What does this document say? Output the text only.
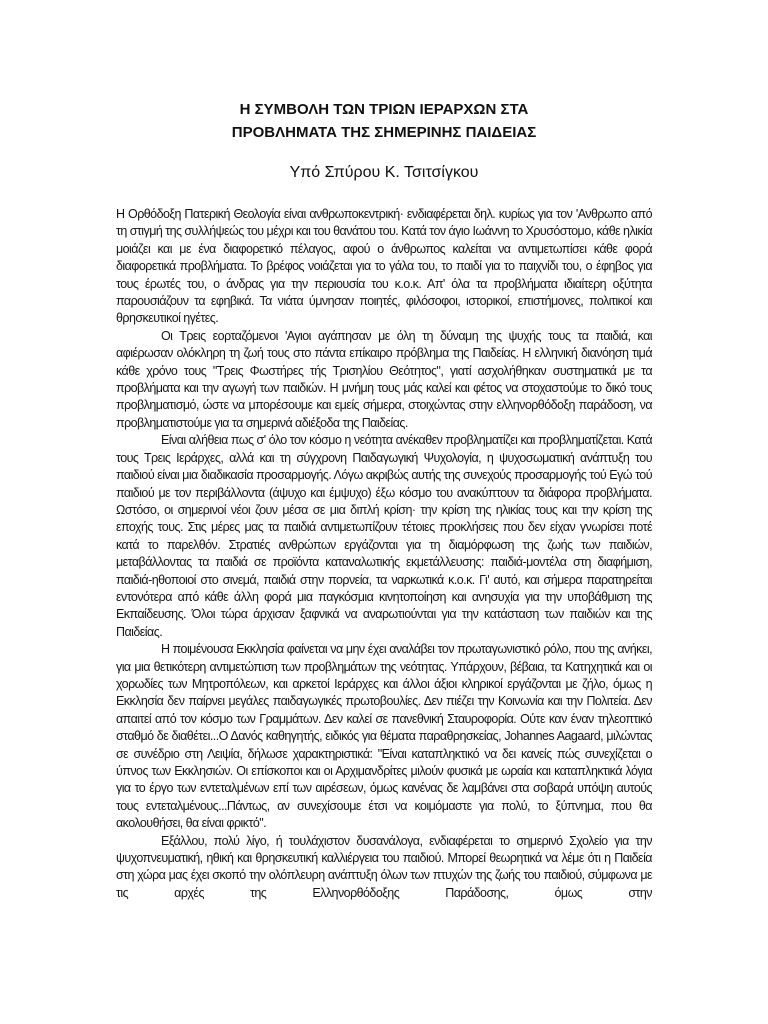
Η ΣΥΜΒΟΛΗ ΤΩΝ ΤΡΙΩΝ ΙΕΡΑΡΧΩΝ ΣΤΑ
ΠΡΟΒΛΗΜΑΤΑ ΤΗΣ ΣΗΜΕΡΙΝΗΣ ΠΑΙΔΕΙΑΣ
Υπό Σπύρου Κ. Τσιτσίγκου

Η Ορθόδοξη Πατερική Θεολογία είναι ανθρωποκεντρική· ενδιαφέρεται δηλ. κυρίως για τον 'Ανθρωπο από τη στιγμή της συλλήψεώς του μέχρι και του θανάτου του. Κατά τον άγιο Ιωάννη το Χρυσόστομο, κάθε ηλικία μοιάζει και με ένα διαφορετικό πέλαγος, αφού ο άνθρωπος καλείται να αντιμετωπίσει κάθε φορά διαφορετικά προβλήματα. Το βρέφος νοιάζεται για το γάλα του, το παιδί για το παιχνίδι του, ο έφηβος για τους έρωτές του, ο άνδρας για την περιουσία του κ.ο.κ. Απ' όλα τα προβλήματα ιδιαίτερη οξύτητα παρουσιάζουν τα εφηβικά. Τα νιάτα ύμνησαν ποιητές, φιλόσοφοι, ιστορικοί, επιστήμονες, πολιτικοί και θρησκευτικοί ηγέτες.

Οι Τρεις εορταζόμενοι 'Αγιοι αγάπησαν με όλη τη δύναμη της ψυχής τους τα παιδιά, και αφιέρωσαν ολόκληρη τη ζωή τους στο πάντα επίκαιρο πρόβλημα της Παιδείας. Η ελληνική διανόηση τιμά κάθε χρόνο τους "Τρεις Φωστήρες τής Τρισηλίου Θεότητος", γιατί ασχολήθηκαν συστηματικά με τα προβλήματα και την αγωγή των παιδιών. Η μνήμη τους μάς καλεί και φέτος να στοχαστούμε το δικό τους προβληματισμό, ώστε να μπορέσουμε και εμείς σήμερα, στοιχώντας στην ελληνορθόδοξη παράδοση, να προβληματιστούμε για τα σημερινά αδιέξοδα της Παιδείας.

Είναι αλήθεια πως σ' όλο τον κόσμο η νεότητα ανέκαθεν προβληματίζει και προβληματίζεται. Κατά τους Τρεις Ιεράρχες, αλλά και τη σύγχρονη Παιδαγωγική Ψυχολογία, η ψυχοσωματική ανάπτυξη του παιδιού είναι μια διαδικασία προσαρμογής. Λόγω ακριβώς αυτής της συνεχούς προσαρμογής τού Εγώ τού παιδιού με τον περιβάλλοντα (άψυχο και έμψυχο) έξω κόσμο του ανακύπτουν τα διάφορα προβλήματα. Ωστόσο, οι σημερινοί νέοι ζουν μέσα σε μια διπλή κρίση· την κρίση της ηλικίας τους και την κρίση της εποχής τους. Στις μέρες μας τα παιδιά αντιμετωπίζουν τέτοιες προκλήσεις που δεν είχαν γνωρίσει ποτέ κατά το παρελθόν. Στρατιές ανθρώπων εργάζονται για τη διαμόρφωση της ζωής των παιδιών, μεταβάλλοντας τα παιδιά σε προϊόντα καταναλωτικής εκμετάλλευσης: παιδιά-μοντέλα στη διαφήμιση, παιδιά-ηθοποιοί στο σινεμά, παιδιά στην πορνεία, τα ναρκωτικά κ.ο.κ. Γι' αυτό, και σήμερα παρατηρείται εντονότερα από κάθε άλλη φορά μια παγκόσμια κινητοποίηση και ανησυχία για την υποβάθμιση της Εκπαίδευσης. Όλοι τώρα άρχισαν ξαφνικά να αναρωτιούνται για την κατάσταση των παιδιών και της Παιδείας.

Η ποιμένουσα Εκκλησία φαίνεται να μην έχει αναλάβει τον πρωταγωνιστικό ρόλο, που της ανήκει, για μια θετικότερη αντιμετώπιση των προβλημάτων της νεότητας. Υπάρχουν, βέβαια, τα Κατηχητικά και οι χορωδίες των Μητροπόλεων, και αρκετοί Ιεράρχες και άλλοι άξιοι κληρικοί εργάζονται με ζήλο, όμως η Εκκλησία δεν παίρνει μεγάλες παιδαγωγικές πρωτοβουλίες. Δεν πιέζει την Κοινωνία και την Πολιτεία. Δεν απαιτεί από τον κόσμο των Γραμμάτων. Δεν καλεί σε πανεθνική Σταυροφορία. Ούτε καν έναν τηλεοπτικό σταθμό δε διαθέτει...Ο Δανός καθηγητής, ειδικός για θέματα παραθρησκείας, Johannes Aagaard, μιλώντας σε συνέδριο στη Λειψία, δήλωσε χαρακτηριστικά: "Είναι καταπληκτικό να δει κανείς πώς συνεχίζεται ο ύπνος των Εκκλησιών. Οι επίσκοποι και οι Αρχιμανδρίτες μιλούν φυσικά με ωραία και καταπληκτικά λόγια για το έργο των εντεταλμένων επί των αιρέσεων, όμως κανένας δε λαμβάνει στα σοβαρά υπόψη αυτούς τους εντεταλμένους...Πάντως, αν συνεχίσουμε έτσι να κοιμόμαστε για πολύ, το ξύπνημα, που θα ακολουθήσει, θα είναι φρικτό".

Εξάλλου, πολύ λίγο, ή τουλάχιστον δυσανάλογα, ενδιαφέρεται το σημερινό Σχολείο για την ψυχοπνευματική, ηθική και θρησκευτική καλλιέργεια του παιδιού. Μπορεί θεωρητικά να λέμε ότι η Παιδεία στη χώρα μας έχει σκοπό την ολόπλευρη ανάπτυξη όλων των πτυχών της ζωής του παιδιού, σύμφωνα με τις αρχές της Ελληνορθόδοξης Παράδοσης, όμως στην
